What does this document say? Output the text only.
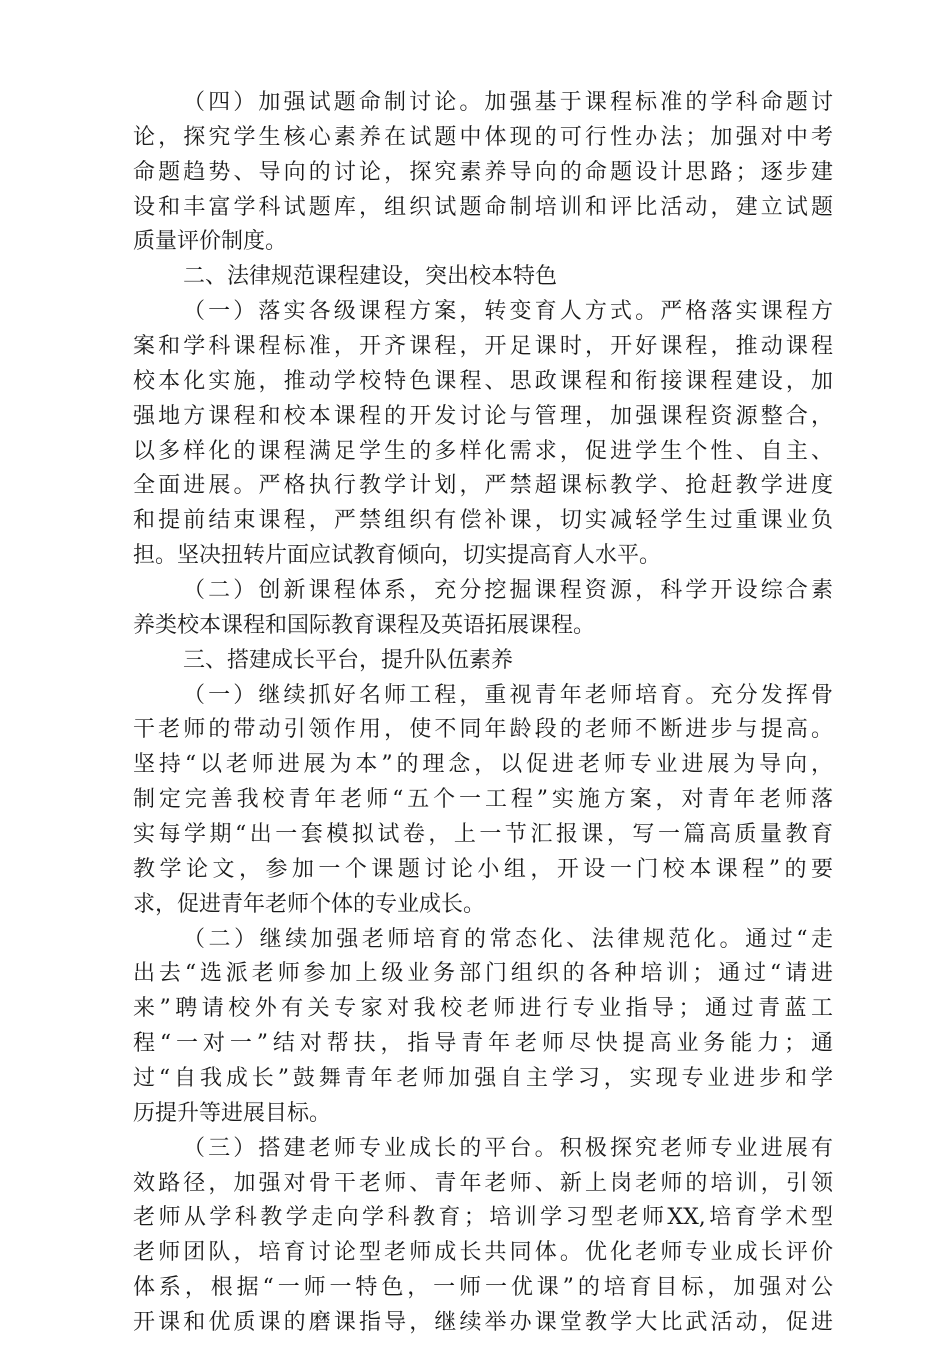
（四）加强试题命制讨论。加强基于课程标准的学科命题讨
论，探究学生核心素养在试题中体现的可行性办法；加强对中考
命题趋势、导向的讨论，探究素养导向的命题设计思路；逐步建
设和丰富学科试题库，组织试题命制培训和评比活动，建立试题
质量评价制度。
二、法律规范课程建设，突出校本特色
（一）落实各级课程方案，转变育人方式。严格落实课程方
案和学科课程标准，开齐课程，开足课时，开好课程，推动课程
校本化实施，推动学校特色课程、思政课程和衔接课程建设，加
强地方课程和校本课程的开发讨论与管理，加强课程资源整合，
以多样化的课程满足学生的多样化需求，促进学生个性、自主、
全面进展。严格执行教学计划，严禁超课标教学、抢赶教学进度
和提前结束课程，严禁组织有偿补课，切实减轻学生过重课业负
担。坚决扭转片面应试教育倾向，切实提高育人水平。
（二）创新课程体系，充分挖掘课程资源，科学开设综合素
养类校本课程和国际教育课程及英语拓展课程。
三、搭建成长平台，提升队伍素养
（一）继续抓好名师工程，重视青年老师培育。充分发挥骨
干老师的带动引领作用，使不同年龄段的老师不断进步与提高。
坚持“以老师进展为本”的理念，以促进老师专业进展为导向，
制定完善我校青年老师“五个一工程”实施方案，对青年老师落
实每学期“出一套模拟试卷，上一节汇报课，写一篇高质量教育
教学论文，参加一个课题讨论小组，开设一门校本课程”的要
求，促进青年老师个体的专业成长。
（二）继续加强老师培育的常态化、法律规范化。通过“走
出去“选派老师参加上级业务部门组织的各种培训；通过“请进
来”聘请校外有关专家对我校老师进行专业指导；通过青蓝工
程“一对一”结对帮扶，指导青年老师尽快提高业务能力；通
过“自我成长”鼓舞青年老师加强自主学习，实现专业进步和学
历提升等进展目标。
（三）搭建老师专业成长的平台。积极探究老师专业进展有
效路径，加强对骨干老师、青年老师、新上岗老师的培训，引领
老师从学科教学走向学科教育；培训学习型老师XX,培育学术型
老师团队，培育讨论型老师成长共同体。优化老师专业成长评价
体系，根据“一师一特色，一师一优课”的培育目标，加强对公
开课和优质课的磨课指导，继续举办课堂教学大比武活动，促进
